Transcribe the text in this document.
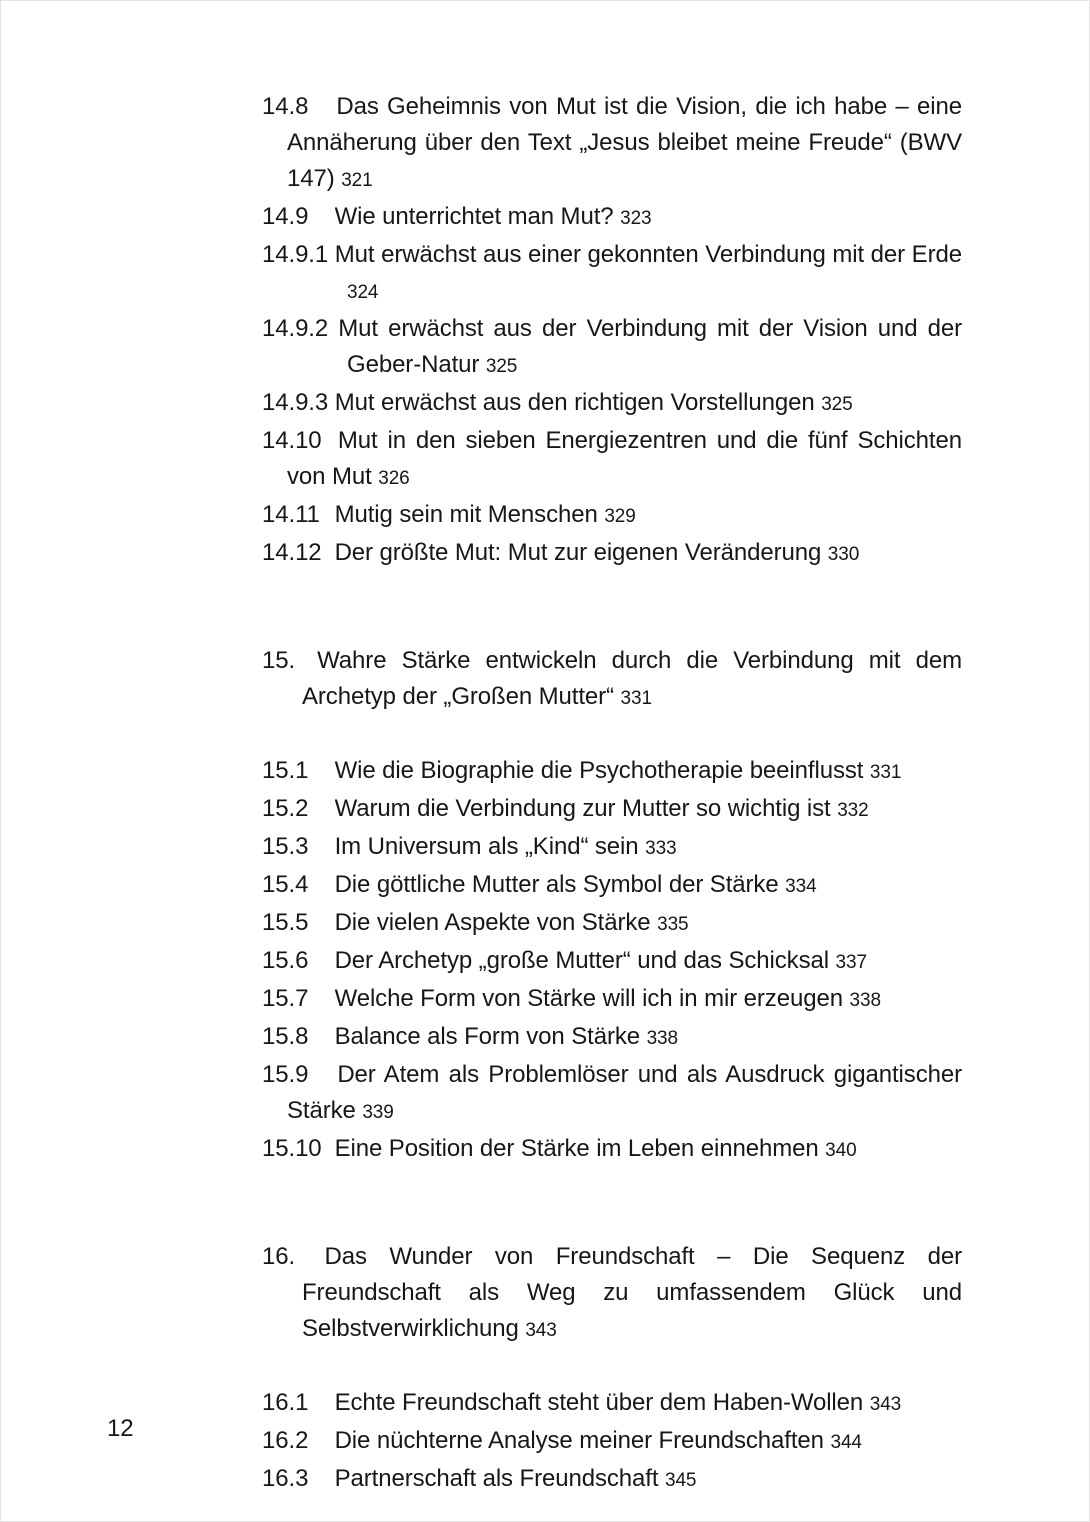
14.8 Das Geheimnis von Mut ist die Vision, die ich habe – eine Annäherung über den Text „Jesus bleibet meine Freude“ (BWV 147) 321
14.9 Wie unterrichtet man Mut? 323
14.9.1 Mut erwächst aus einer gekonnten Verbindung mit der Erde 324
14.9.2 Mut erwächst aus der Verbindung mit der Vision und der Geber-Natur 325
14.9.3 Mut erwächst aus den richtigen Vorstellungen 325
14.10 Mut in den sieben Energiezentren und die fünf Schichten von Mut 326
14.11 Mutig sein mit Menschen 329
14.12 Der größte Mut: Mut zur eigenen Veränderung 330
15. Wahre Stärke entwickeln durch die Verbindung mit dem Archetyp der „Großen Mutter“ 331
15.1 Wie die Biographie die Psychotherapie beeinflusst 331
15.2 Warum die Verbindung zur Mutter so wichtig ist 332
15.3 Im Universum als „Kind“ sein 333
15.4 Die göttliche Mutter als Symbol der Stärke 334
15.5 Die vielen Aspekte von Stärke 335
15.6 Der Archetyp „große Mutter“ und das Schicksal 337
15.7 Welche Form von Stärke will ich in mir erzeugen 338
15.8 Balance als Form von Stärke 338
15.9 Der Atem als Problemlöser und als Ausdruck gigantischer Stärke 339
15.10 Eine Position der Stärke im Leben einnehmen 340
16. Das Wunder von Freundschaft – Die Sequenz der Freundschaft als Weg zu umfassendem Glück und Selbstverwirklichung 343
16.1 Echte Freundschaft steht über dem Haben-Wollen 343
16.2 Die nüchterne Analyse meiner Freundschaften 344
16.3 Partnerschaft als Freundschaft 345
12
